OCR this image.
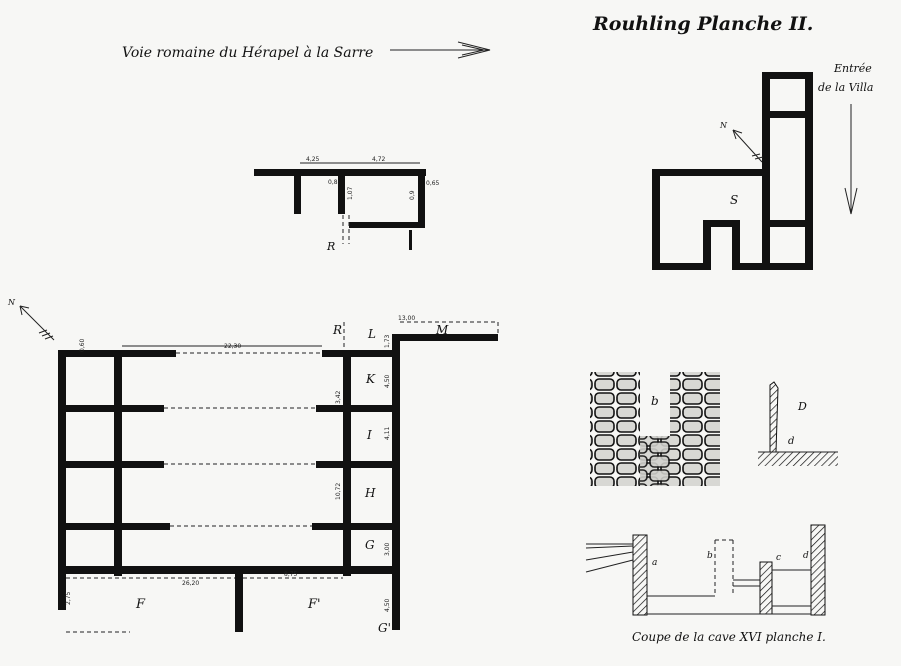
Voie romaine du Hérapel à la Sarre
Rouhling Planche II.
Entrée
de la Villa
N
S
4,25	4,72
0,65
0,8
1,07	0,9
R
N
0,60	22,30
13,00
1,73
4,50
3,42
4,11
10,72
3,00
26,20
8,75
2,75
4,50
R L	M
K
I
H
G
F	F'
G'
b	D
d
a
b	c d
Coupe de la cave XVI planche I.
